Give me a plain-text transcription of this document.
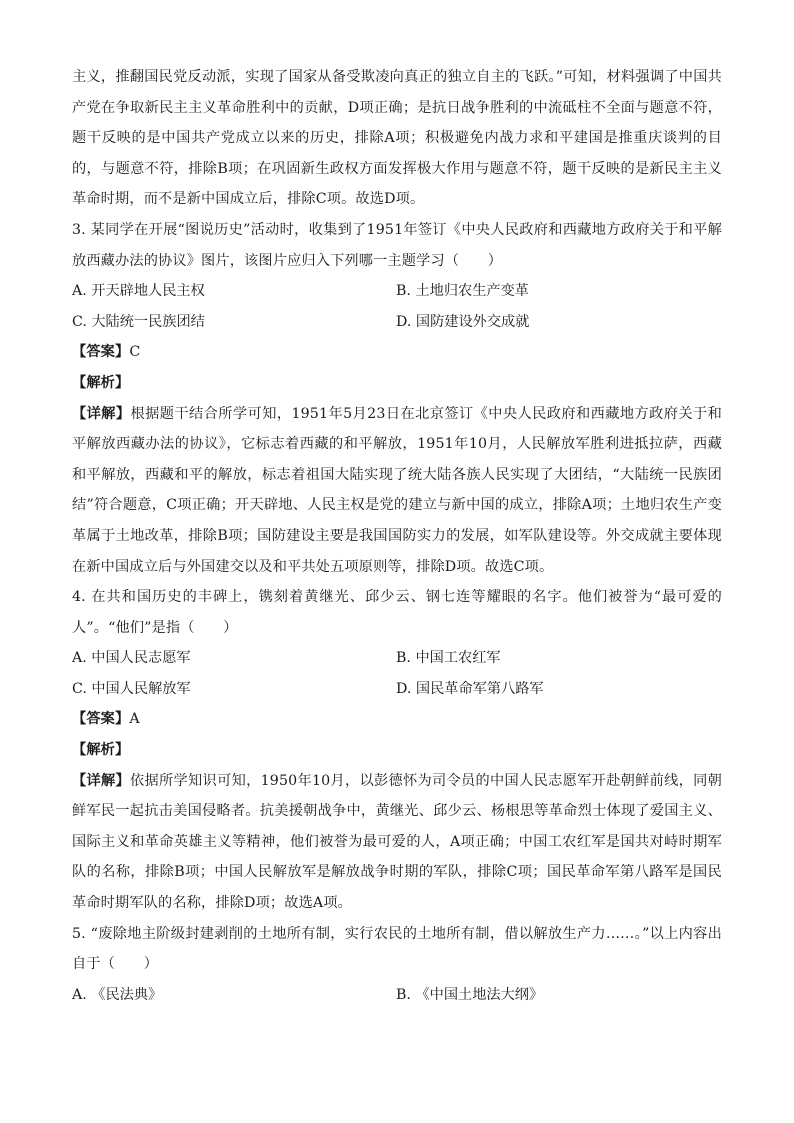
主义，推翻国民党反动派，实现了国家从备受欺凌向真正的独立自主的飞跃。”可知，材料强调了中国共产党在争取新民主主义革命胜利中的贡献，D项正确；是抗日战争胜利的中流砥柱不全面与题意不符，题干反映的是中国共产党成立以来的历史，排除A项；积极避免内战力求和平建国是推重庆谈判的目的，与题意不符，排除B项；在巩固新生政权方面发挥极大作用与题意不符，题干反映的是新民主主义革命时期，而不是新中国成立后，排除C项。故选D项。

3. 某同学在开展“图说历史”活动时，收集到了1951年签订《中央人民政府和西藏地方政府关于和平解放西藏办法的协议》图片，该图片应归入下列哪一主题学习（　　）

A. 开天辟地人民主权	B. 土地归农生产变革
C. 大陆统一民族团结	D. 国防建设外交成就

【答案】C

【解析】

【详解】根据题干结合所学可知，1951年5月23日在北京签订《中央人民政府和西藏地方政府关于和平解放西藏办法的协议》，它标志着西藏的和平解放，1951年10月，人民解放军胜利进抵拉萨，西藏和平解放，西藏和平的解放，标志着祖国大陆实现了统大陆各族人民实现了大团结，“大陆统一民族团结”符合题意，C项正确；开天辟地、人民主权是党的建立与新中国的成立，排除A项；土地归农生产变革属于土地改革，排除B项；国防建设主要是我国国防实力的发展，如军队建设等。外交成就主要体现在新中国成立后与外国建交以及和平共处五项原则等，排除D项。故选C项。

4. 在共和国历史的丰碑上，镌刻着黄继光、邱少云、钢七连等耀眼的名字。他们被誉为“最可爱的人”。“他们”是指（　　）

A. 中国人民志愿军	B. 中国工农红军
C. 中国人民解放军	D. 国民革命军第八路军

【答案】A

【解析】

【详解】依据所学知识可知，1950年10月，以彭德怀为司令员的中国人民志愿军开赴朝鲜前线，同朝鲜军民一起抗击美国侵略者。抗美援朝战争中，黄继光、邱少云、杨根思等革命烈士体现了爱国主义、国际主义和革命英雄主义等精神，他们被誉为最可爱的人，A项正确；中国工农红军是国共对峙时期军队的名称，排除B项；中国人民解放军是解放战争时期的军队，排除C项；国民革命军第八路军是国民革命时期军队的名称，排除D项；故选A项。

5. “废除地主阶级封建剥削的土地所有制，实行农民的土地所有制，借以解放生产力……。”以上内容出自于（　　）

A. 《民法典》	B. 《中国土地法大纲》
